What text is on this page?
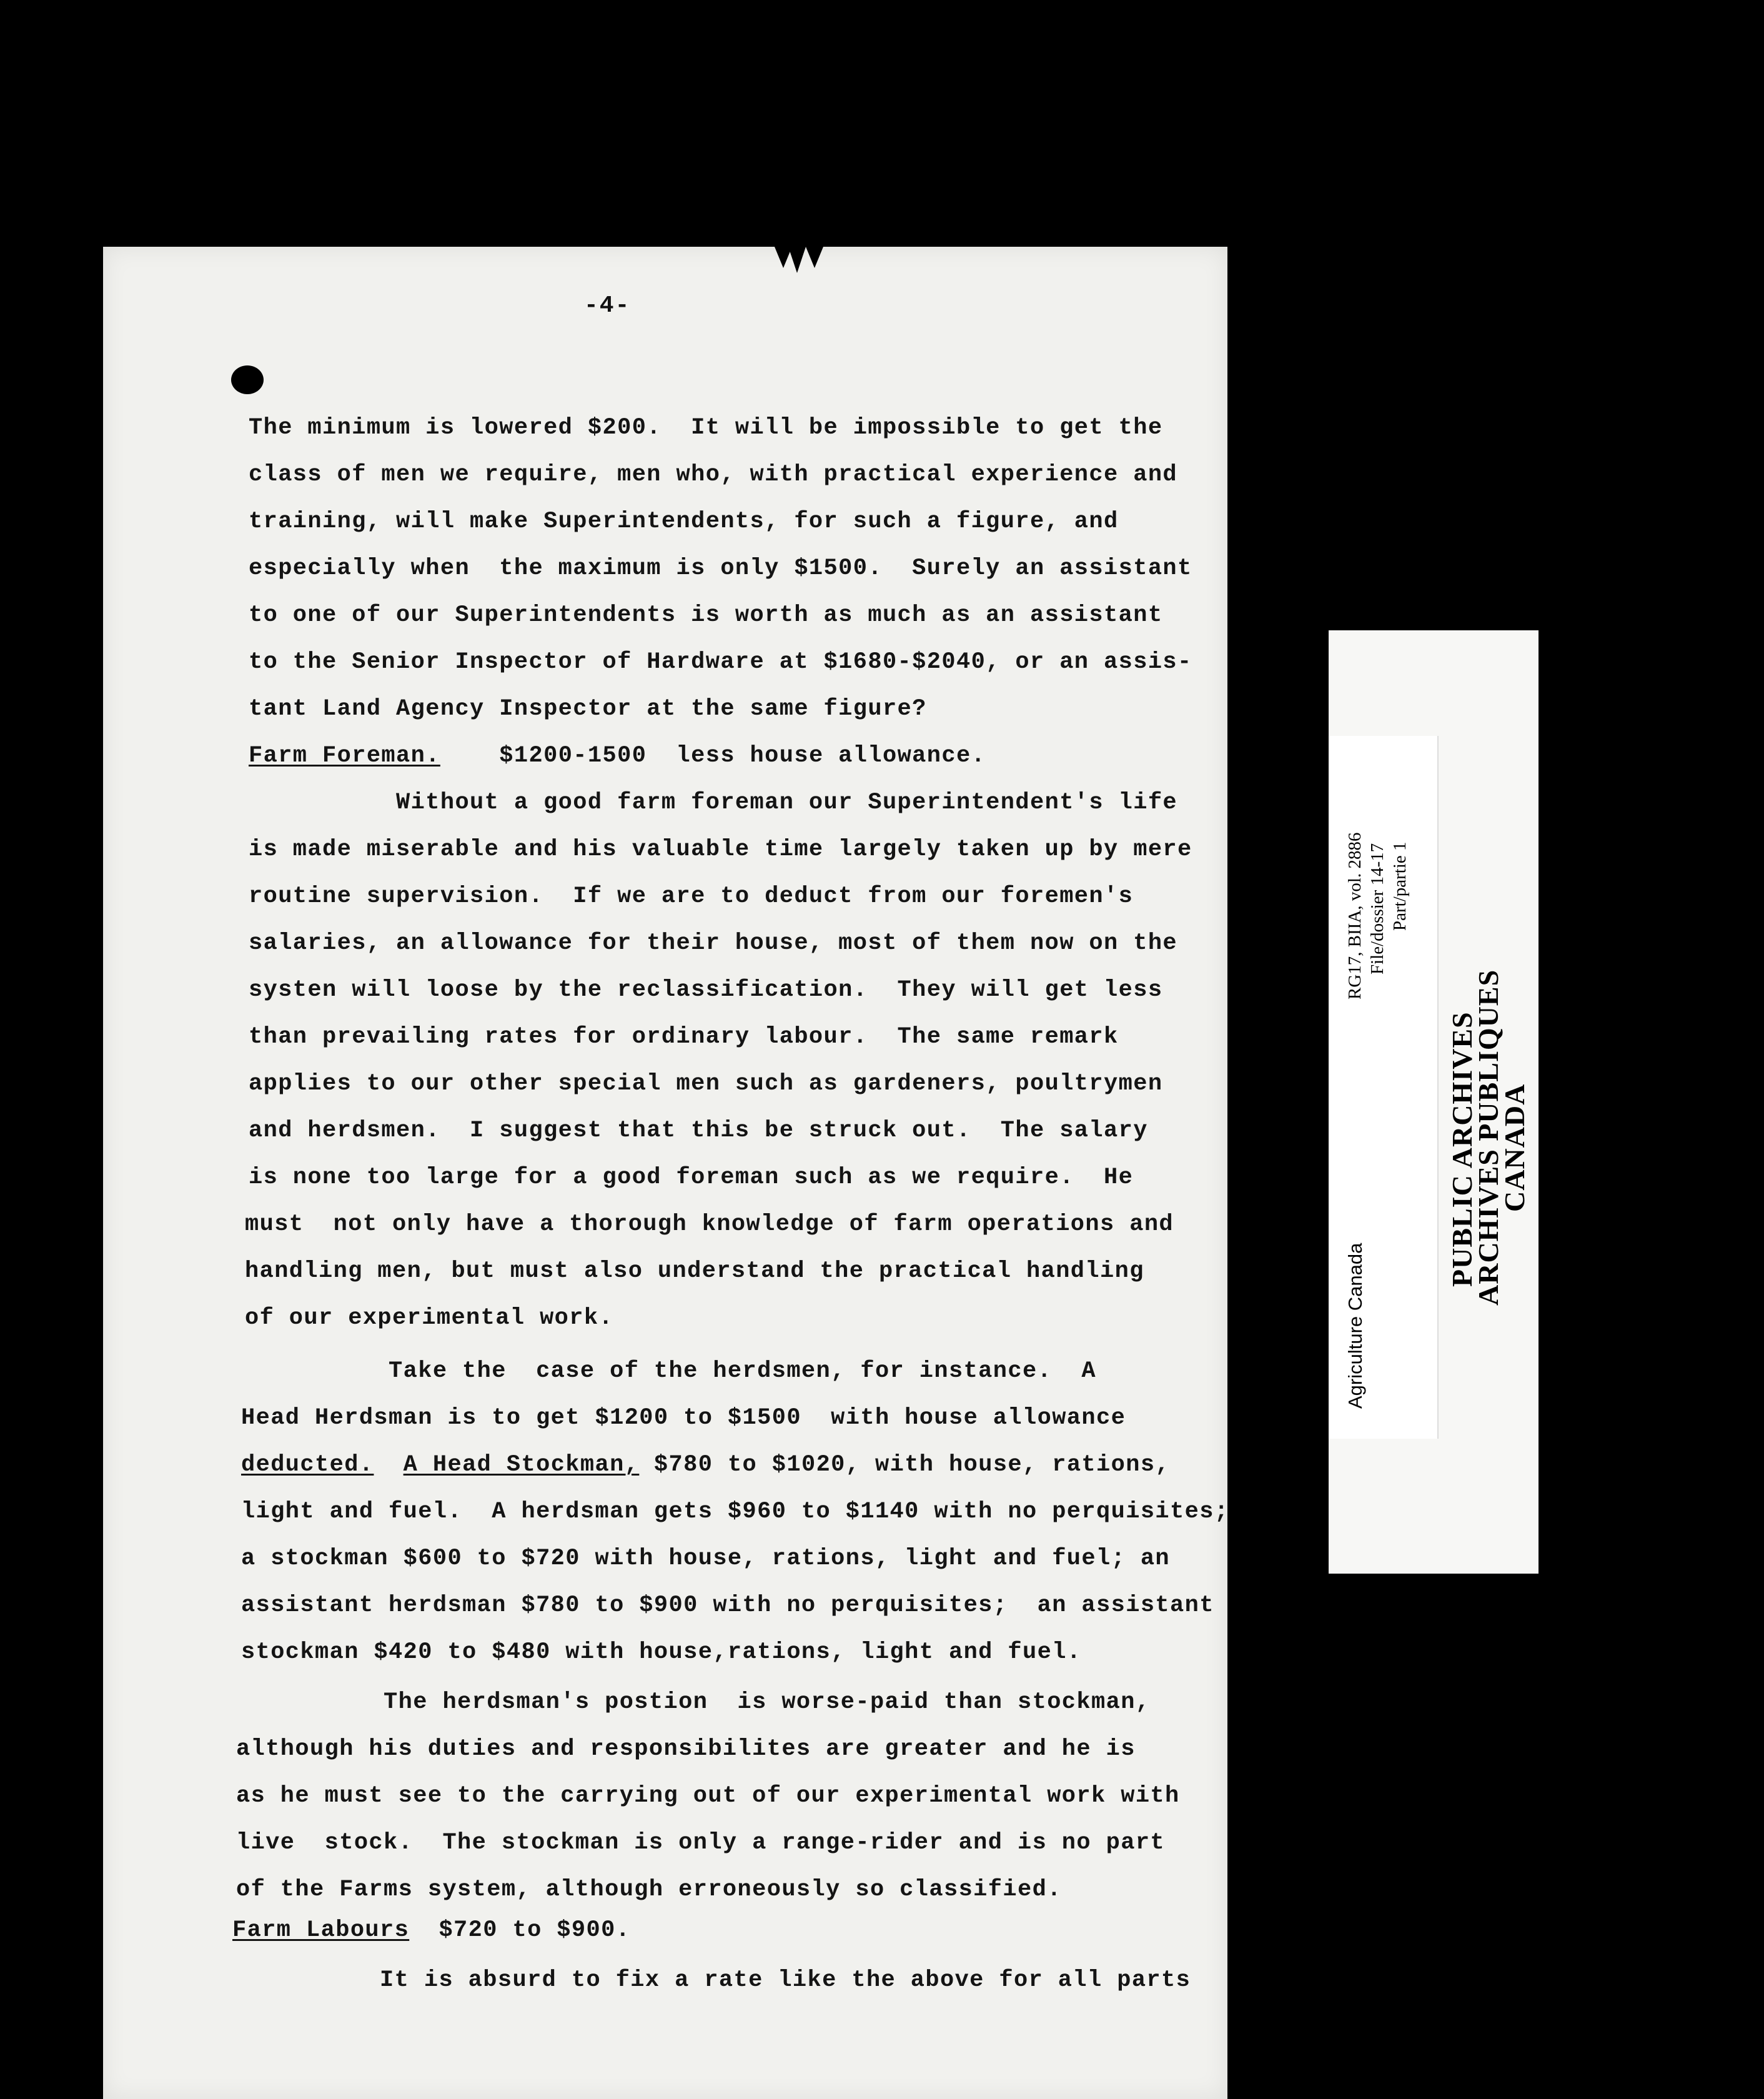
-4-
The minimum is lowered $200.  It will be impossible to get the
class of men we require, men who, with practical experience and
training, will make Superintendents, for such a figure, and
especially when  the maximum is only $1500.  Surely an assistant
to one of our Superintendents is worth as much as an assistant
to the Senior Inspector of Hardware at $1680-$2040, or an assis-
tant Land Agency Inspector at the same figure?
Farm Foreman.    $1200-1500  less house allowance.
Without a good farm foreman our Superintendent's life
is made miserable and his valuable time largely taken up by mere
routine supervision.  If we are to deduct from our foremen's
salaries, an allowance for their house, most of them now on the
systen will loose by the reclassification.  They will get less
than prevailing rates for ordinary labour.  The same remark
applies to our other special men such as gardeners, poultrymen
and herdsmen.  I suggest that this be struck out.  The salary
is none too large for a good foreman such as we require.  He
must  not only have a thorough knowledge of farm operations and
handling men, but must also understand the practical handling
of our experimental work.
Take the  case of the herdsmen, for instance.  A
Head Herdsman is to get $1200 to $1500  with house allowance
deducted. A Head Stockman, $780 to $1020, with house, rations,
light and fuel.  A herdsman gets $960 to $1140 with no perquisites;
a stockman $600 to $720 with house, rations, light and fuel; an
assistant herdsman $780 to $900 with no perquisites;  an assistant
stockman $420 to $480 with house,rations, light and fuel.
The herdsman's postion  is worse-paid than stockman,
although his duties and responsibilites are greater and he is
as he must see to the carrying out of our experimental work with
live  stock.  The stockman is only a range-rider and is no part
of the Farms system, although erroneously so classified.
Farm Labours  $720 to $900.
It is absurd to fix a rate like the above for all parts
RG17, BIIA, vol. 2886 File/dossier 14-17 Part/partie 1
Agriculture Canada
PUBLIC ARCHIVES
ARCHIVES PUBLIQUES
CANADA
